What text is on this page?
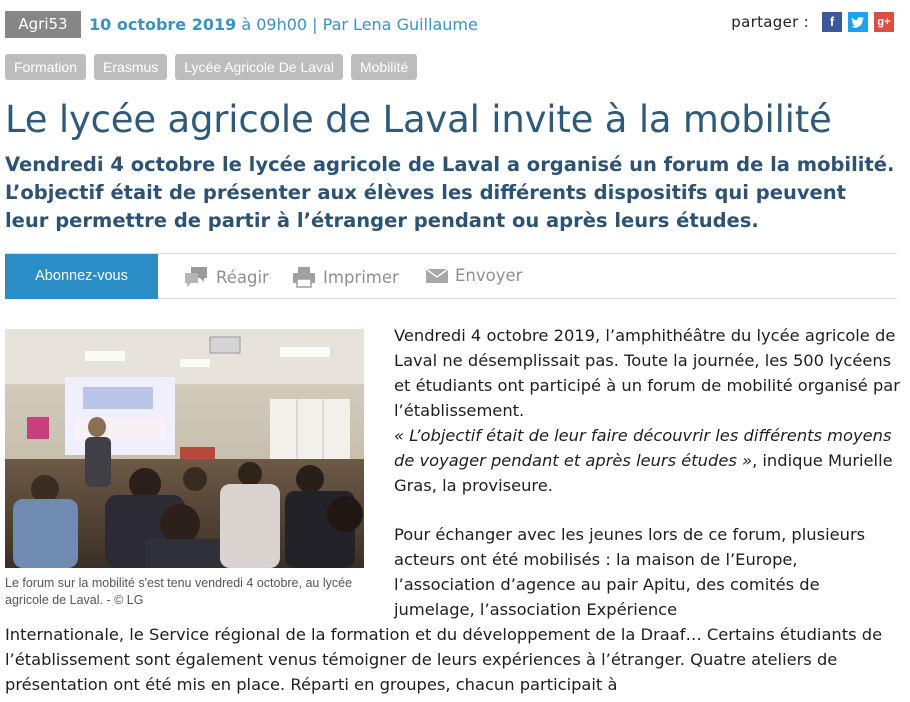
Agri53	10 octobre 2019 à 09h00 | Par Lena Guillaume	partager :	f	g+
Formation	Erasmus	Lycée Agricole De Laval	Mobilité
Le lycée agricole de Laval invite à la mobilité

Vendredi 4 octobre le lycée agricole de Laval a organisé un forum de la mobilité. L’objectif était de présenter aux élèves les différents dispositifs qui peuvent leur permettre de partir à l’étranger pendant ou après leurs études.

Abonnez-vous	Réagir	Imprimer	Envoyer
Le forum sur la mobilité s'est tenu vendredi 4 octobre, au lycée agricole de Laval. - © LG

Vendredi 4 octobre 2019, l’amphithéâtre du lycée agricole de Laval ne désemplissait pas. Toute la journée, les 500 lycéens et étudiants ont participé à un forum de mobilité organisé par l’établissement.
« L’objectif était de leur faire découvrir les différents moyens de voyager pendant et après leurs études », indique Murielle Gras, la proviseure.

Pour échanger avec les jeunes lors de ce forum, plusieurs acteurs ont été mobilisés : la maison de l’Europe, l’association d’agence au pair Apitu, des comités de jumelage, l’association Expérience

Internationale, le Service régional de la formation et du développement de la Draaf… Certains étudiants de l’établissement sont également venus témoigner de leurs expériences à l’étranger. Quatre ateliers de présentation ont été mis en place. Réparti en groupes, chacun participait à
